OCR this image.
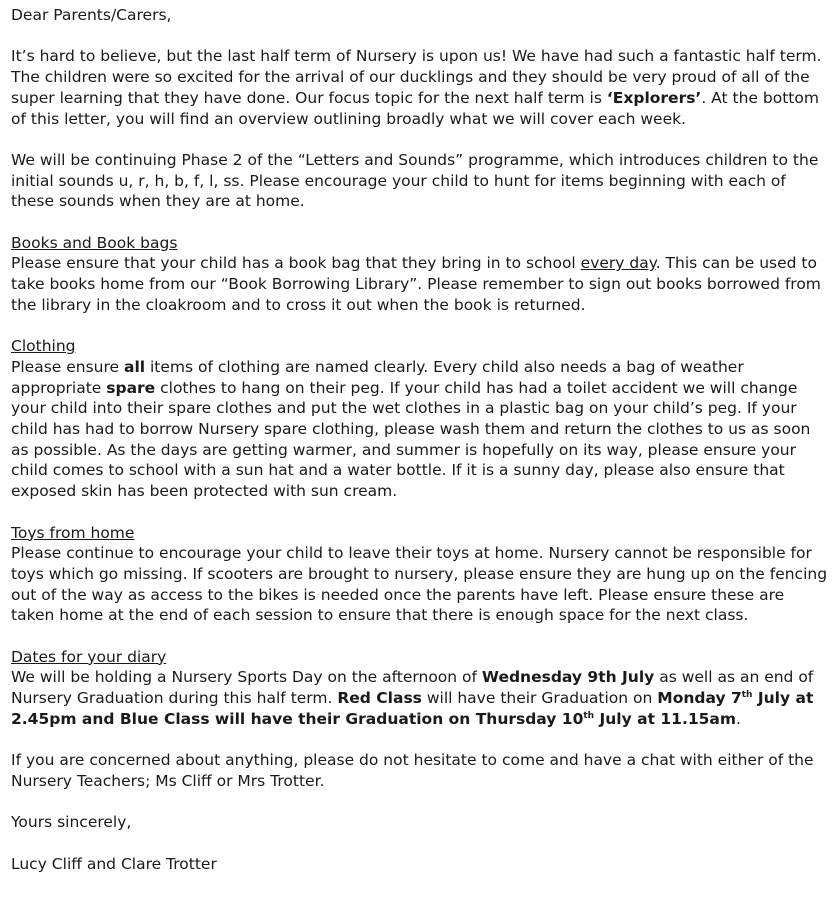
Dear Parents/Carers,

It’s hard to believe, but the last half term of Nursery is upon us! We have had such a fantastic half term. The children were so excited for the arrival of our ducklings and they should be very proud of all of the super learning that they have done. Our focus topic for the next half term is ‘Explorers’. At the bottom of this letter, you will find an overview outlining broadly what we will cover each week.

We will be continuing Phase 2 of the “Letters and Sounds” programme, which introduces children to the initial sounds u, r, h, b, f, l, ss. Please encourage your child to hunt for items beginning with each of these sounds when they are at home.

Books and Book bags

Please ensure that your child has a book bag that they bring in to school every day. This can be used to take books home from our “Book Borrowing Library”. Please remember to sign out books borrowed from the library in the cloakroom and to cross it out when the book is returned.

Clothing

Please ensure all items of clothing are named clearly. Every child also needs a bag of weather appropriate spare clothes to hang on their peg. If your child has had a toilet accident we will change your child into their spare clothes and put the wet clothes in a plastic bag on your child’s peg. If your child has had to borrow Nursery spare clothing, please wash them and return the clothes to us as soon as possible. As the days are getting warmer, and summer is hopefully on its way, please ensure your child comes to school with a sun hat and a water bottle. If it is a sunny day, please also ensure that exposed skin has been protected with sun cream.

Toys from home

Please continue to encourage your child to leave their toys at home. Nursery cannot be responsible for toys which go missing. If scooters are brought to nursery, please ensure they are hung up on the fencing out of the way as access to the bikes is needed once the parents have left. Please ensure these are taken home at the end of each session to ensure that there is enough space for the next class.

Dates for your diary

We will be holding a Nursery Sports Day on the afternoon of Wednesday 9th July as well as an end of Nursery Graduation during this half term. Red Class will have their Graduation on Monday 7th July at 2.45pm and Blue Class will have their Graduation on Thursday 10th July at 11.15am.

If you are concerned about anything, please do not hesitate to come and have a chat with either of the Nursery Teachers; Ms Cliff or Mrs Trotter.

Yours sincerely,

Lucy Cliff and Clare Trotter
